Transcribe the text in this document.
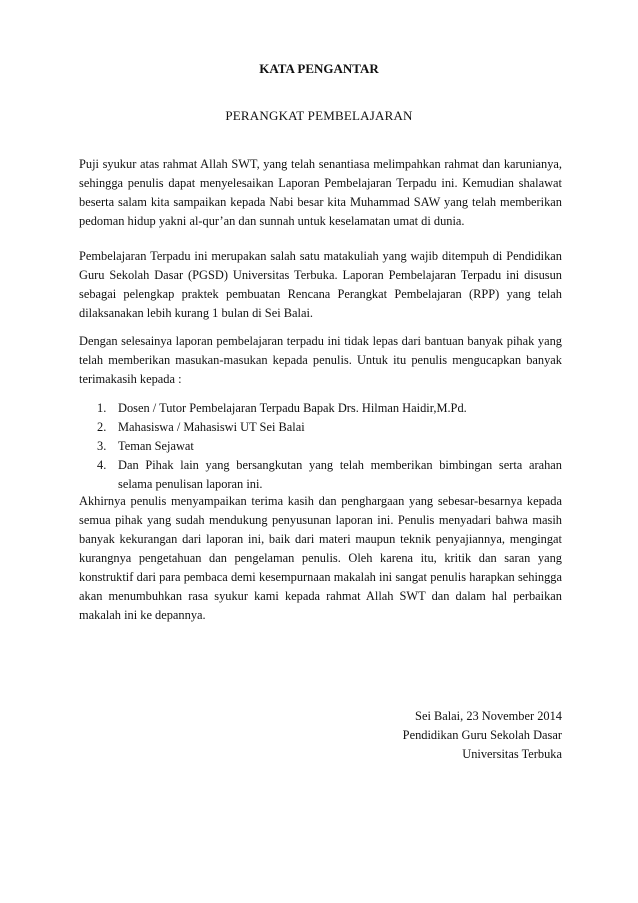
KATA PENGANTAR
PERANGKAT PEMBELAJARAN
Puji syukur atas rahmat Allah SWT, yang telah senantiasa melimpahkan rahmat dan karunianya, sehingga penulis dapat menyelesaikan Laporan Pembelajaran Terpadu ini. Kemudian shalawat beserta salam kita sampaikan kepada Nabi besar kita Muhammad SAW yang telah memberikan pedoman hidup yakni al-qur’an dan sunnah untuk keselamatan umat di dunia.
Pembelajaran Terpadu ini merupakan salah satu matakuliah yang wajib ditempuh di Pendidikan Guru Sekolah Dasar (PGSD) Universitas Terbuka. Laporan Pembelajaran Terpadu ini disusun sebagai pelengkap praktek pembuatan Rencana Perangkat Pembelajaran (RPP) yang telah dilaksanakan lebih kurang 1 bulan di Sei Balai.
Dengan selesainya laporan pembelajaran terpadu ini tidak lepas dari bantuan banyak pihak yang telah memberikan masukan-masukan kepada penulis. Untuk itu penulis mengucapkan banyak terimakasih kepada :
1. Dosen / Tutor Pembelajaran Terpadu Bapak Drs. Hilman Haidir,M.Pd.
2. Mahasiswa / Mahasiswi UT Sei Balai
3. Teman Sejawat
4. Dan Pihak lain yang bersangkutan yang telah memberikan bimbingan serta arahan selama penulisan laporan ini.
Akhirnya penulis menyampaikan terima kasih dan penghargaan yang sebesar-besarnya kepada semua pihak yang sudah mendukung penyusunan laporan ini. Penulis menyadari bahwa masih banyak kekurangan dari laporan ini, baik dari materi maupun teknik penyajiannya, mengingat kurangnya pengetahuan dan pengelaman penulis. Oleh karena itu, kritik dan saran yang konstruktif dari para pembaca demi kesempurnaan makalah ini sangat penulis harapkan sehingga akan menumbuhkan rasa syukur kami kepada rahmat Allah SWT dan dalam hal perbaikan makalah ini ke depannya.
Sei Balai, 23 November 2014
Pendidikan Guru Sekolah Dasar
Universitas Terbuka
